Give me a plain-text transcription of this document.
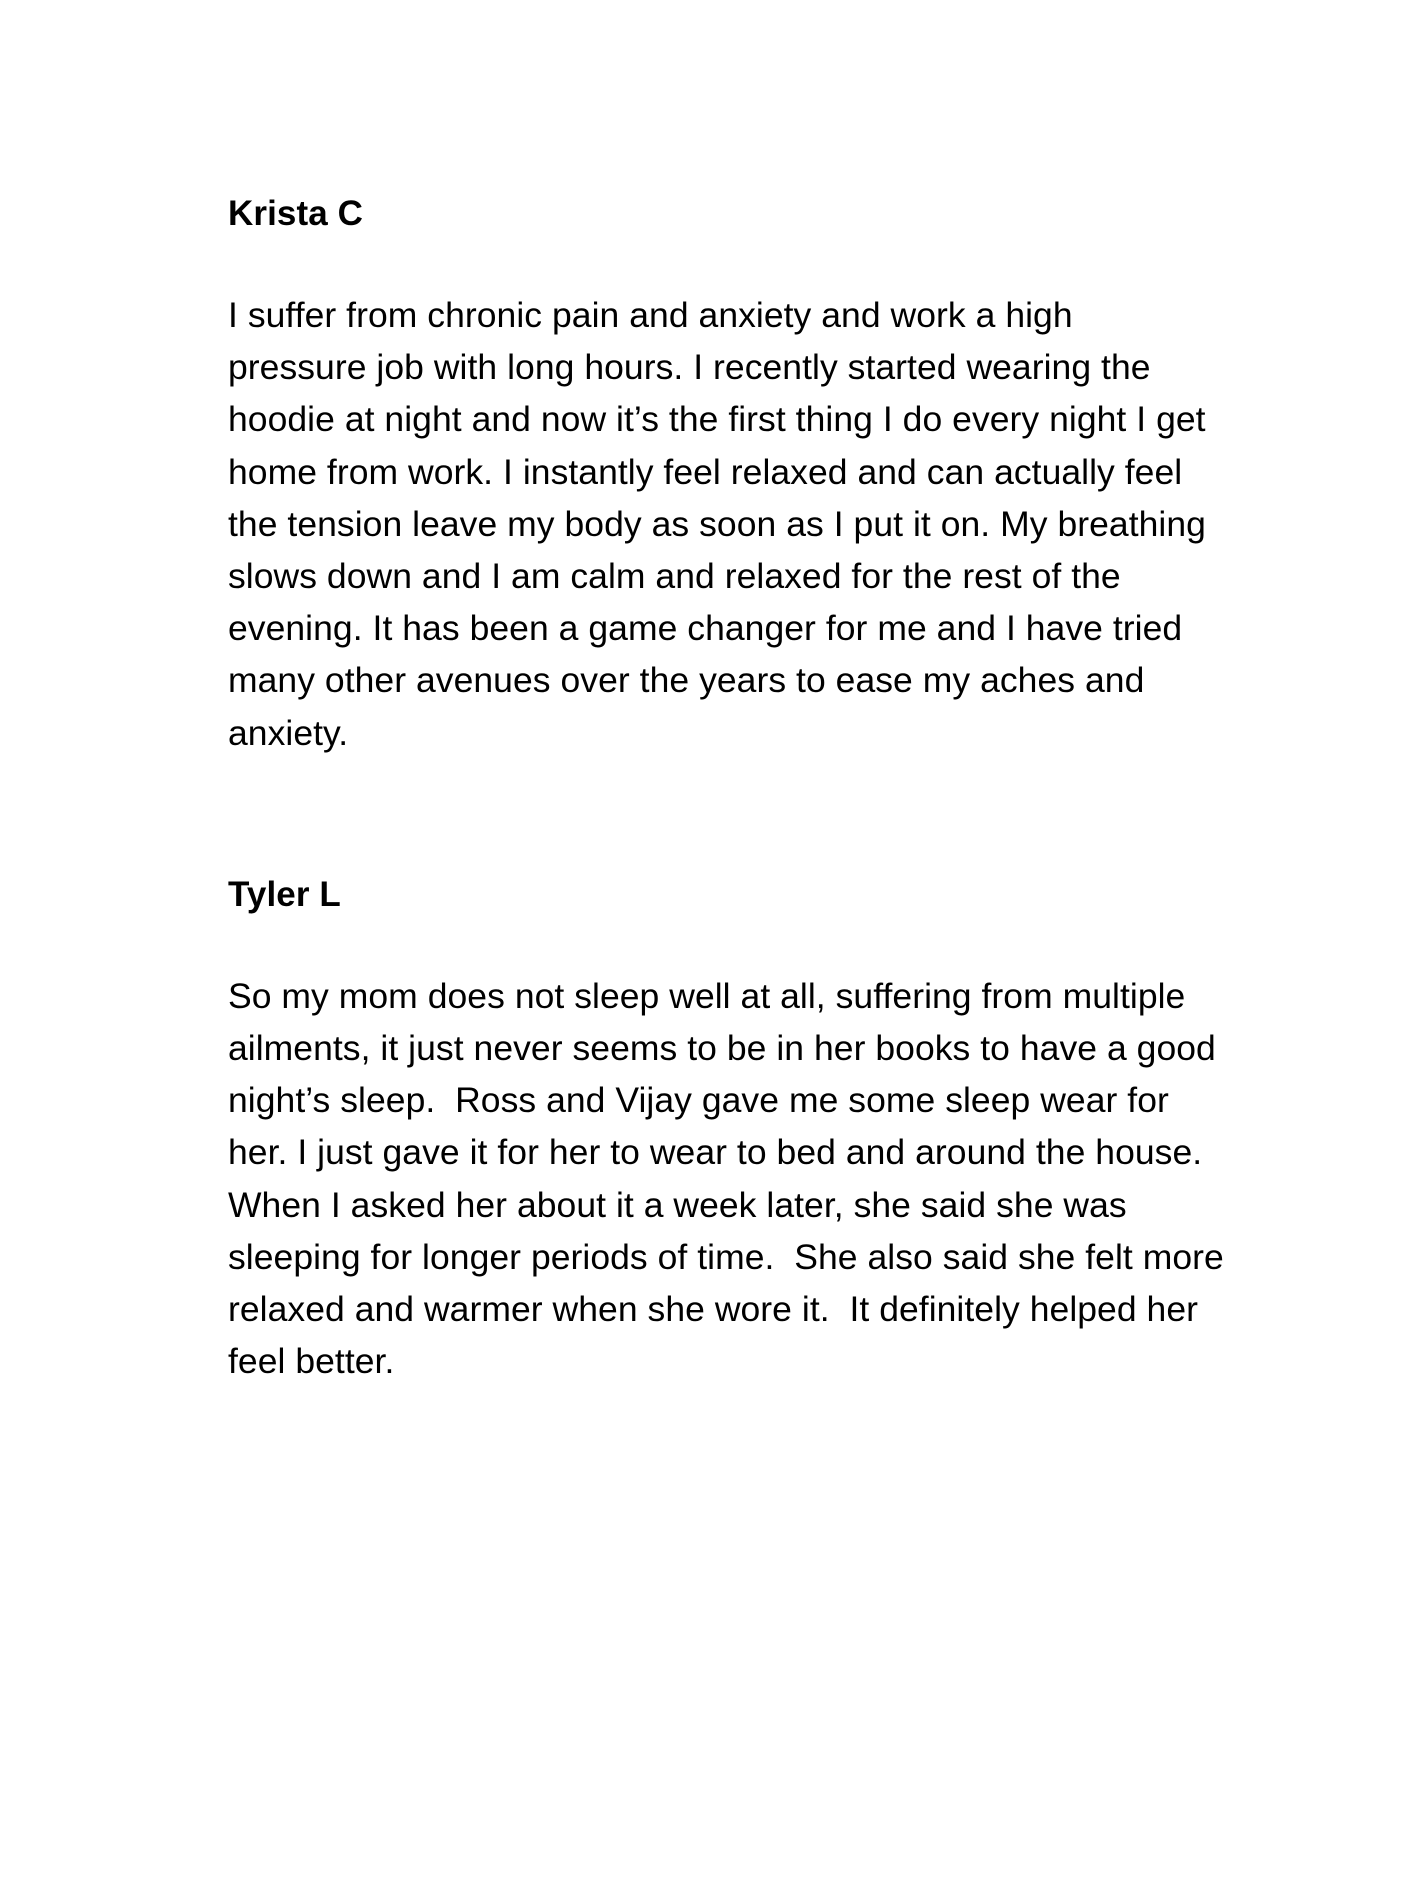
Krista C

I suffer from chronic pain and anxiety and work a high pressure job with long hours. I recently started wearing the hoodie at night and now it’s the first thing I do every night I get home from work. I instantly feel relaxed and can actually feel the tension leave my body as soon as I put it on. My breathing slows down and I am calm and relaxed for the rest of the evening. It has been a game changer for me and I have tried many other avenues over the years to ease my aches and anxiety.

Tyler L

So my mom does not sleep well at all, suffering from multiple ailments, it just never seems to be in her books to have a good night’s sleep.  Ross and Vijay gave me some sleep wear for her. I just gave it for her to wear to bed and around the house. When I asked her about it a week later, she said she was sleeping for longer periods of time.  She also said she felt more relaxed and warmer when she wore it.  It definitely helped her feel better.
